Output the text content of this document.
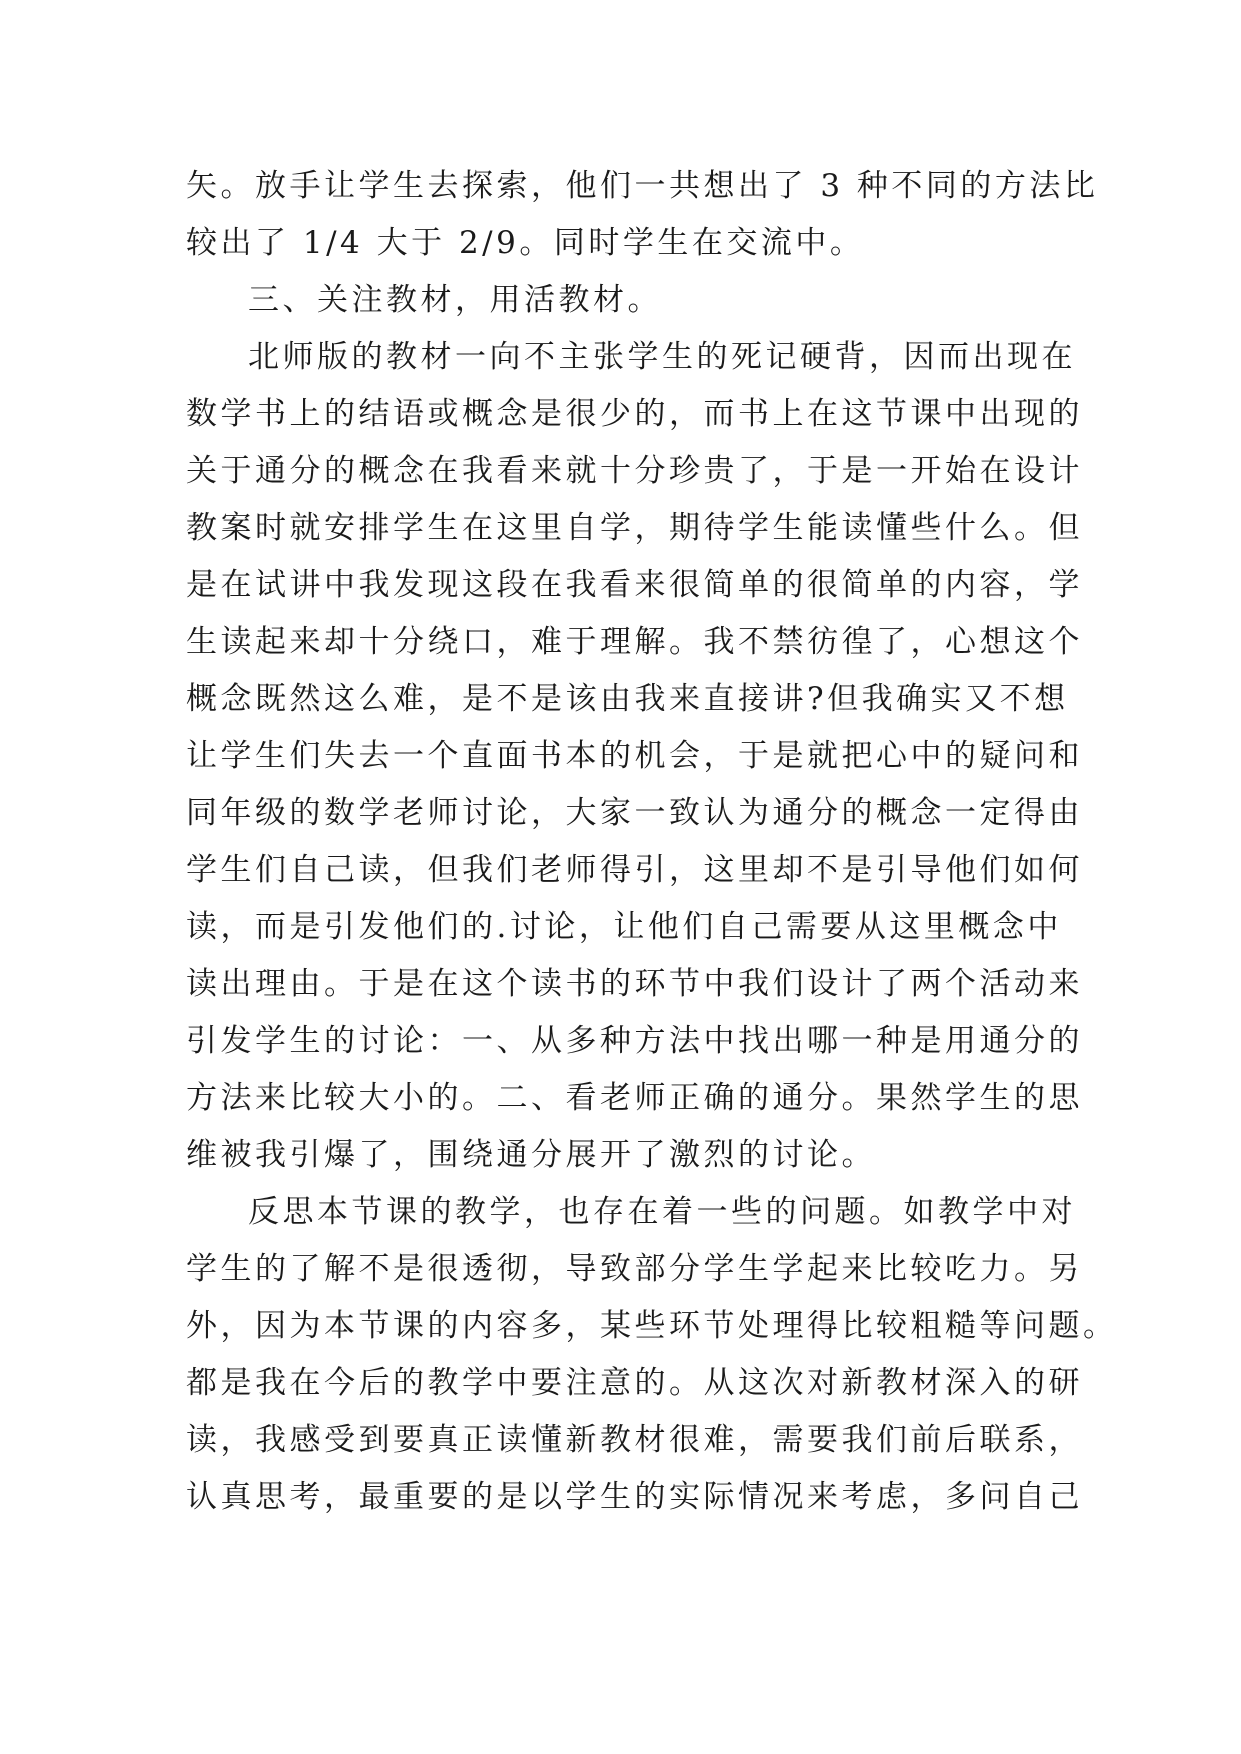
矢。放手让学生去探索，他们一共想出了 3 种不同的方法比
较出了 1/4 大于 2/9。同时学生在交流中。
三、关注教材，用活教材。
北师版的教材一向不主张学生的死记硬背，因而出现在
数学书上的结语或概念是很少的，而书上在这节课中出现的
关于通分的概念在我看来就十分珍贵了，于是一开始在设计
教案时就安排学生在这里自学，期待学生能读懂些什么。但
是在试讲中我发现这段在我看来很简单的很简单的内容，学
生读起来却十分绕口，难于理解。我不禁彷徨了，心想这个
概念既然这么难，是不是该由我来直接讲?但我确实又不想
让学生们失去一个直面书本的机会，于是就把心中的疑问和
同年级的数学老师讨论，大家一致认为通分的概念一定得由
学生们自己读，但我们老师得引，这里却不是引导他们如何
读，而是引发他们的.讨论，让他们自己需要从这里概念中
读出理由。于是在这个读书的环节中我们设计了两个活动来
引发学生的讨论：一、从多种方法中找出哪一种是用通分的
方法来比较大小的。二、看老师正确的通分。果然学生的思
维被我引爆了，围绕通分展开了激烈的讨论。
反思本节课的教学，也存在着一些的问题。如教学中对
学生的了解不是很透彻，导致部分学生学起来比较吃力。另
外，因为本节课的内容多，某些环节处理得比较粗糙等问题。
都是我在今后的教学中要注意的。从这次对新教材深入的研
读，我感受到要真正读懂新教材很难，需要我们前后联系，
认真思考，最重要的是以学生的实际情况来考虑，多问自己
